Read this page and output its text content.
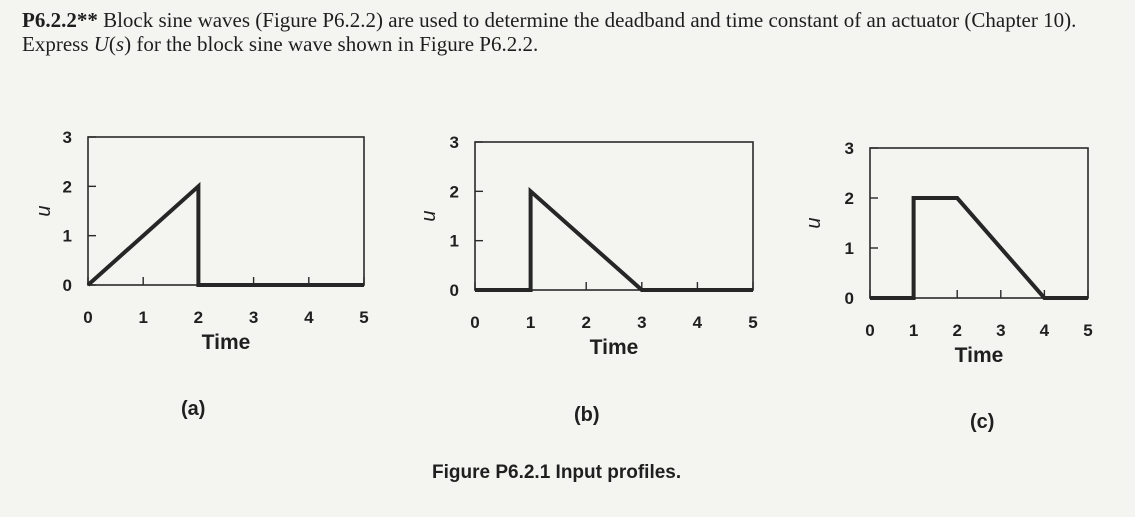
P6.2.2** Block sine waves (Figure P6.2.2) are used to determine the deadband and time constant of an actuator (Chapter 10). Express U(s) for the block sine wave shown in Figure P6.2.2.
0
1
2
3
0	1	2	3	4	5
u
Time
0
1
2
3
0	1	2	3	4	5
u
Time
0
1
2
3
0 1 2 3 4 5
u
Time
(a)	(b)	(c)
Figure P6.2.1 Input profiles.
